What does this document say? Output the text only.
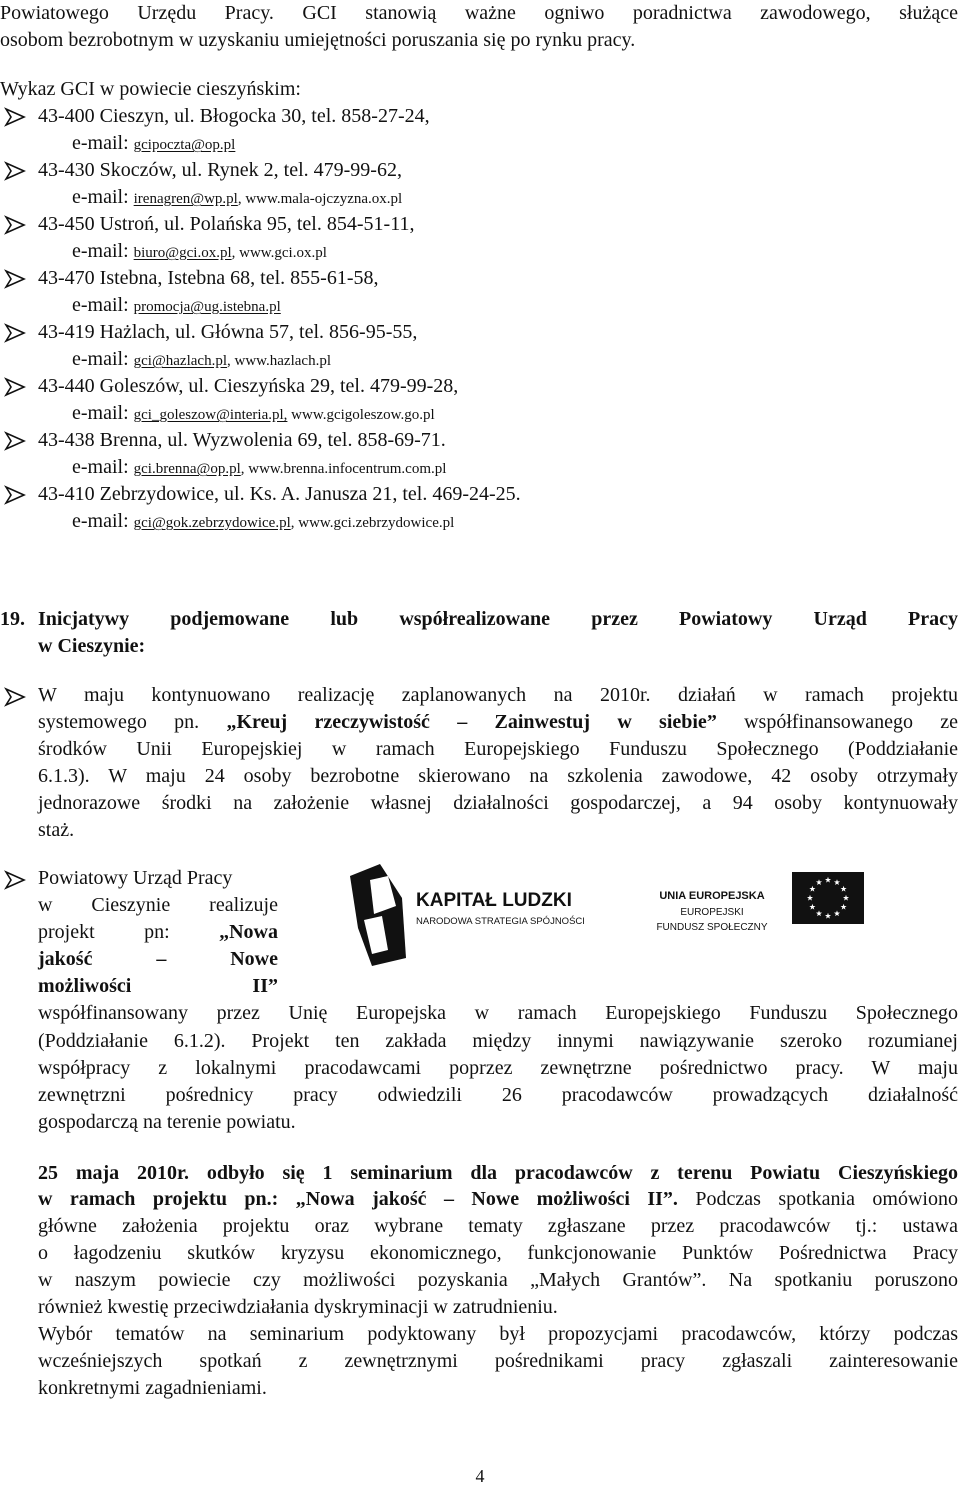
Powiatowego Urzędu Pracy. GCI stanowią ważne ogniwo poradnictwa zawodowego, służące
osobom bezrobotnym w uzyskaniu umiejętności poruszania się po rynku pracy.
Wykaz GCI w powiecie cieszyńskim:
43-400 Cieszyn, ul. Błogocka 30, tel. 858-27-24,
e-mail: gcipoczta@op.pl
43-430 Skoczów, ul. Rynek 2, tel. 479-99-62,
e-mail: irenagren@wp.pl, www.mala-ojczyzna.ox.pl
43-450 Ustroń, ul. Polańska 95, tel. 854-51-11,
e-mail: biuro@gci.ox.pl, www.gci.ox.pl
43-470 Istebna, Istebna 68, tel. 855-61-58,
e-mail: promocja@ug.istebna.pl
43-419 Hażlach, ul. Główna 57, tel. 856-95-55,
e-mail: gci@hazlach.pl, www.hazlach.pl
43-440 Goleszów, ul. Cieszyńska 29, tel. 479-99-28,
e-mail: gci_goleszow@interia.pl, www.gcigoleszow.go.pl
43-438 Brenna, ul. Wyzwolenia 69, tel. 858-69-71.
e-mail: gci.brenna@op.pl, www.brenna.infocentrum.com.pl
43-410 Zebrzydowice, ul. Ks. A. Janusza 21, tel. 469-24-25.
e-mail: gci@gok.zebrzydowice.pl, www.gci.zebrzydowice.pl
19. Inicjatywy podjemowane lub współrealizowane przez Powiatowy Urząd Pracy
w Cieszynie:
W maju kontynuowano realizację zaplanowanych na 2010r. działań w ramach projektu
systemowego pn. „Kreuj rzeczywistość – Zainwestuj w siebie” współfinansowanego ze
środków Unii Europejskiej w ramach Europejskiego Funduszu Społecznego (Poddziałanie
6.1.3). W maju 24 osoby bezrobotne skierowano na szkolenia zawodowe, 42 osoby otrzymały
jednorazowe środki na założenie własnej działalności gospodarczej, a 94 osoby kontynuowały
staż.
Powiatowy Urząd Pracy
w Cieszynie realizuje
projekt pn: „Nowa
jakość – Nowe
możliwości II”
współfinansowany przez Unię Europejska w ramach Europejskiego Funduszu Społecznego
(Poddziałanie 6.1.2). Projekt ten zakłada między innymi nawiązywanie szeroko rozumianej
współpracy z lokalnymi pracodawcami poprzez zewnętrzne pośrednictwo pracy. W maju
zewnętrzni pośrednicy pracy odwiedzili 26 pracodawców prowadzących działalność
gospodarczą na terenie powiatu.
KAPITAŁ LUDZKI
NARODOWA STRATEGIA SPÓJNOŚCI
UNIA EUROPEJSKA
EUROPEJSKI
FUNDUSZ SPOŁECZNY
25 maja 2010r. odbyło się 1 seminarium dla pracodawców z terenu Powiatu Cieszyńskiego
w ramach projektu pn.: „Nowa jakość – Nowe możliwości II”. Podczas spotkania omówiono
główne założenia projektu oraz wybrane tematy zgłaszane przez pracodawców tj.: ustawa
o łagodzeniu skutków kryzysu ekonomicznego, funkcjonowanie Punktów Pośrednictwa Pracy
w naszym powiecie czy możliwości pozyskania „Małych Grantów”. Na spotkaniu poruszono
również kwestię przeciwdziałania dyskryminacji w zatrudnieniu.
Wybór tematów na seminarium podyktowany był propozycjami pracodawców, którzy podczas
wcześniejszych spotkań z zewnętrznymi pośrednikami pracy zgłaszali zainteresowanie
konkretnymi zagadnieniami.
4
